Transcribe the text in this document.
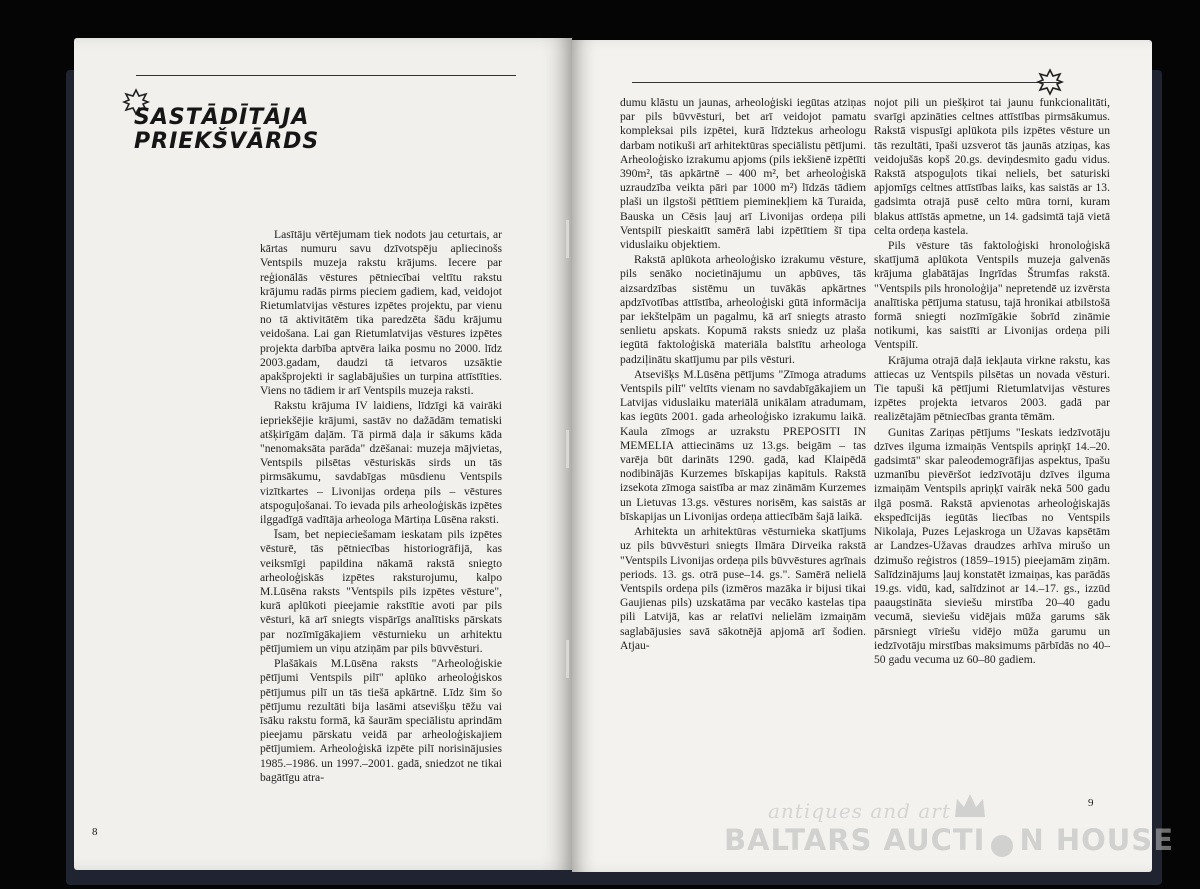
SASTĀDĪTĀJA
PRIEKŠVĀRDS

Lasītāju vērtējumam tiek nodots jau ceturtais, ar kārtas numuru savu dzīvotspēju apliecinošs Ventspils muzeja rakstu krājums. Iecere par reģionālās vēstures pētniecībai veltītu rakstu krājumu radās pirms pieciem gadiem, kad, veidojot Rietumlatvijas vēstures izpētes projektu, par vienu no tā aktivitātēm tika paredzēta šādu krājumu veidošana. Lai gan Rietumlatvijas vēstures izpētes projekta darbība aptvēra laika posmu no 2000. līdz 2003.gadam, daudzi tā ietvaros uzsāktie apakšprojekti ir saglabājušies un turpina attīstīties. Viens no tādiem ir arī Ventspils muzeja raksti.

Rakstu krājuma IV laidiens, līdzīgi kā vairāki iepriekšējie krājumi, sastāv no dažādām tematiski atšķirīgām daļām. Tā pirmā daļa ir sākums kāda "nenomaksāta parāda" dzēšanai: muzeja mājvietas, Ventspils pilsētas vēsturiskās sirds un tās pirmsākumu, savdabīgas mūsdienu Ventspils vizītkartes – Livonijas ordeņa pils – vēstures atspoguļošanai. To ievada pils arheoloģiskās izpētes ilggadīgā vadītāja arheologa Mārtiņa Lūsēna raksti.

Īsam, bet nepieciešamam ieskatam pils izpētes vēsturē, tās pētniecības historiogrāfijā, kas veiksmīgi papildina nākamā rakstā sniegto arheoloģiskās izpētes raksturojumu, kalpo M.Lūsēna raksts "Ventspils pils izpētes vēsture", kurā aplūkoti pieejamie rakstītie avoti par pils vēsturi, kā arī sniegts vispārīgs analītisks pārskats par nozīmīgākajiem vēsturnieku un arhitektu pētījumiem un viņu atziņām par pils būvvēsturi.

Plašākais M.Lūsēna raksts "Arheoloģiskie pētījumi Ventspils pilī" aplūko arheoloģiskos pētījumus pilī un tās tiešā apkārtnē. Līdz šim šo pētījumu rezultāti bija lasāmi atsevišķu tēžu vai īsāku rakstu formā, kā šaurām speciālistu aprindām pieejamu pārskatu veidā par arheoloģiskajiem pētījumiem. Arheoloģiskā izpēte pilī norisinājusies 1985.–1986. un 1997.–2001. gadā, sniedzot ne tikai bagātīgu atra-

8

dumu klāstu un jaunas, arheoloģiski iegūtas atziņas par pils būvvēsturi, bet arī veidojot pamatu kompleksai pils izpētei, kurā līdztekus arheologu darbam notikuši arī arhitektūras speciālistu pētījumi. Arheoloģisko izrakumu apjoms (pils iekšienē izpētīti 390m², tās apkārtnē – 400 m², bet arheoloģiskā uzraudzība veikta pāri par 1000 m²) līdzās tādiem plaši un ilgstoši pētītiem pieminekļiem kā Turaida, Bauska un Cēsis ļauj arī Livonijas ordeņa pili Ventspilī pieskaitīt samērā labi izpētītiem šī tipa viduslaiku objektiem.

Rakstā aplūkota arheoloģisko izrakumu vēsture, pils senāko nocietinājumu un apbūves, tās aizsardzības sistēmu un tuvākās apkārtnes apdzīvotības attīstība, arheoloģiski gūtā informācija par iekštelpām un pagalmu, kā arī sniegts atrasto senlietu apskats. Kopumā raksts sniedz uz plaša iegūtā faktoloģiskā materiāla balstītu arheologa padziļinātu skatījumu par pils vēsturi.

Atsevišķs M.Lūsēna pētījums "Zīmoga atradums Ventspils pilī" veltīts vienam no savdabīgākajiem un Latvijas viduslaiku materiālā unikālam atradumam, kas iegūts 2001. gada arheoloģisko izrakumu laikā. Kaula zīmogs ar uzrakstu PREPOSITI IN MEMELIA attiecināms uz 13.gs. beigām – tas varēja būt darināts 1290. gadā, kad Klaipēdā nodibinājās Kurzemes bīskapijas kapituls. Rakstā izsekota zīmoga saistība ar maz zināmām Kurzemes un Lietuvas 13.gs. vēstures norisēm, kas saistās ar bīskapijas un Livonijas ordeņa attiecībām šajā laikā.

Arhitekta un arhitektūras vēsturnieka skatījums uz pils būvvēsturi sniegts Ilmāra Dirveika rakstā "Ventspils Livonijas ordeņa pils būvvēstures agrīnais periods. 13. gs. otrā puse–14. gs.". Samērā nelielā Ventspils ordeņa pils (izmēros mazāka ir bijusi tikai Gaujienas pils) uzskatāma par vecāko kastelas tipa pili Latvijā, kas ar relatīvi nelielām izmaiņām saglabājusies savā sākotnējā apjomā arī šodien. Atjau-

nojot pili un piešķirot tai jaunu funkcionalitāti, svarīgi apzināties celtnes attīstības pirmsākumus. Rakstā vispusīgi aplūkota pils izpētes vēsture un tās rezultāti, īpaši uzsverot tās jaunās atziņas, kas veidojušās kopš 20.gs. deviņdesmito gadu vidus. Rakstā atspoguļots tikai neliels, bet saturiski apjomīgs celtnes attīstības laiks, kas saistās ar 13. gadsimta otrajā pusē celto mūra torni, kuram blakus attīstās apmetne, un 14. gadsimtā tajā vietā celta ordeņa kastela.

Pils vēsture tās faktoloģiski hronoloģiskā skatījumā aplūkota Ventspils muzeja galvenās krājuma glabātājas Ingrīdas Štrumfas rakstā. "Ventspils pils hronoloģija" nepretendē uz izvērsta analītiska pētījuma statusu, tajā hronikai atbilstošā formā sniegti nozīmīgākie šobrīd zināmie notikumi, kas saistīti ar Livonijas ordeņa pili Ventspilī.

Krājuma otrajā daļā iekļauta virkne rakstu, kas attiecas uz Ventspils pilsētas un novada vēsturi. Tie tapuši kā pētījumi Rietumlatvijas vēstures izpētes projekta ietvaros 2003. gadā par realizētajām pētniecības granta tēmām.

Gunitas Zariņas pētījums "Ieskats iedzīvotāju dzīves ilguma izmaiņās Ventspils apriņķī 14.–20. gadsimtā" skar paleodemogrāfijas aspektus, īpašu uzmanību pievēršot iedzīvotāju dzīves ilguma izmaiņām Ventspils apriņķī vairāk nekā 500 gadu ilgā posmā. Rakstā apvienotas arheoloģiskajās ekspedīcijās iegūtās liecības no Ventspils Nikolaja, Puzes Lejaskroga un Užavas kapsētām ar Landzes-Užavas draudzes arhīva mirušo un dzimušo reģistros (1859–1915) pieejamām ziņām. Salīdzinājums ļauj konstatēt izmaiņas, kas parādās 19.gs. vidū, kad, salīdzinot ar 14.–17. gs., izzūd paaugstināta sieviešu mirstība 20–40 gadu vecumā, sieviešu vidējais mūža garums sāk pārsniegt vīriešu vidējo mūža garumu un iedzīvotāju mirstības maksimums pārbīdās no 40–50 gadu vecuma uz 60–80 gadiem.

9
antiques and art
BALTARS AUCTI N HOUSE
